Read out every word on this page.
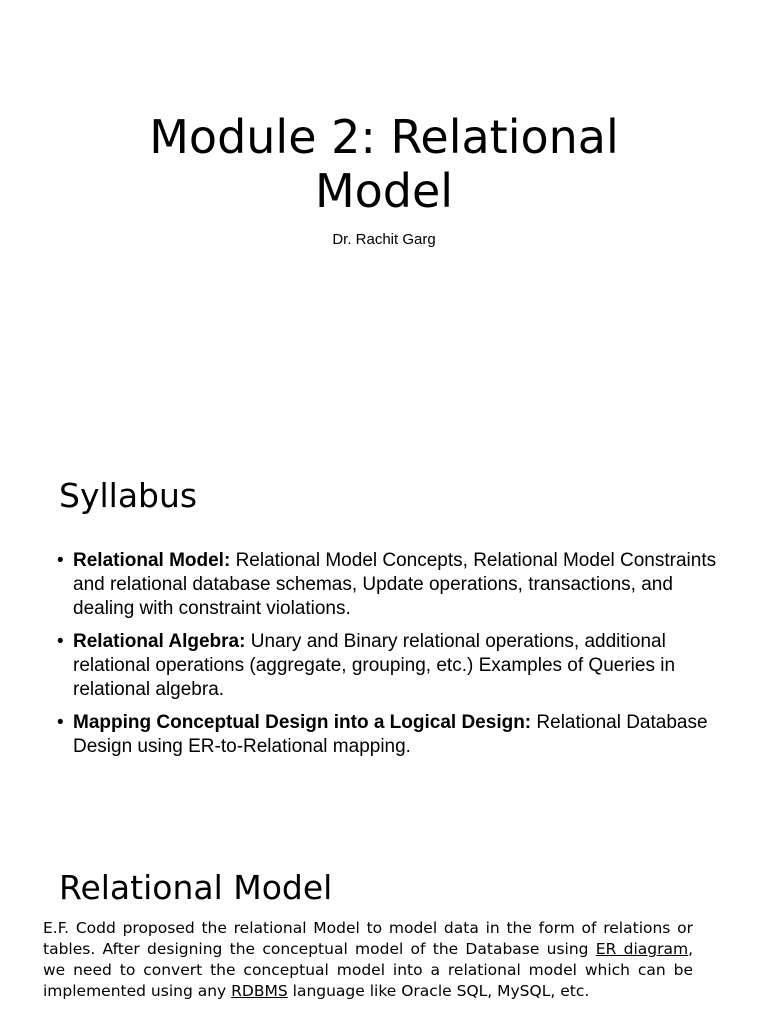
Module 2: Relational
Model
Dr. Rachit Garg
Syllabus
• Relational Model: Relational Model Concepts, Relational Model Constraints and relational database schemas, Update operations, transactions, and dealing with constraint violations.
• Relational Algebra: Unary and Binary relational operations, additional relational operations (aggregate, grouping, etc.) Examples of Queries in relational algebra.
• Mapping Conceptual Design into a Logical Design: Relational Database Design using ER-to-Relational mapping.
Relational Model

E.F. Codd proposed the relational Model to model data in the form of relations or tables. After designing the conceptual model of the Database using ER diagram, we need to convert the conceptual model into a relational model which can be implemented using any RDBMS language like Oracle SQL, MySQL, etc.
